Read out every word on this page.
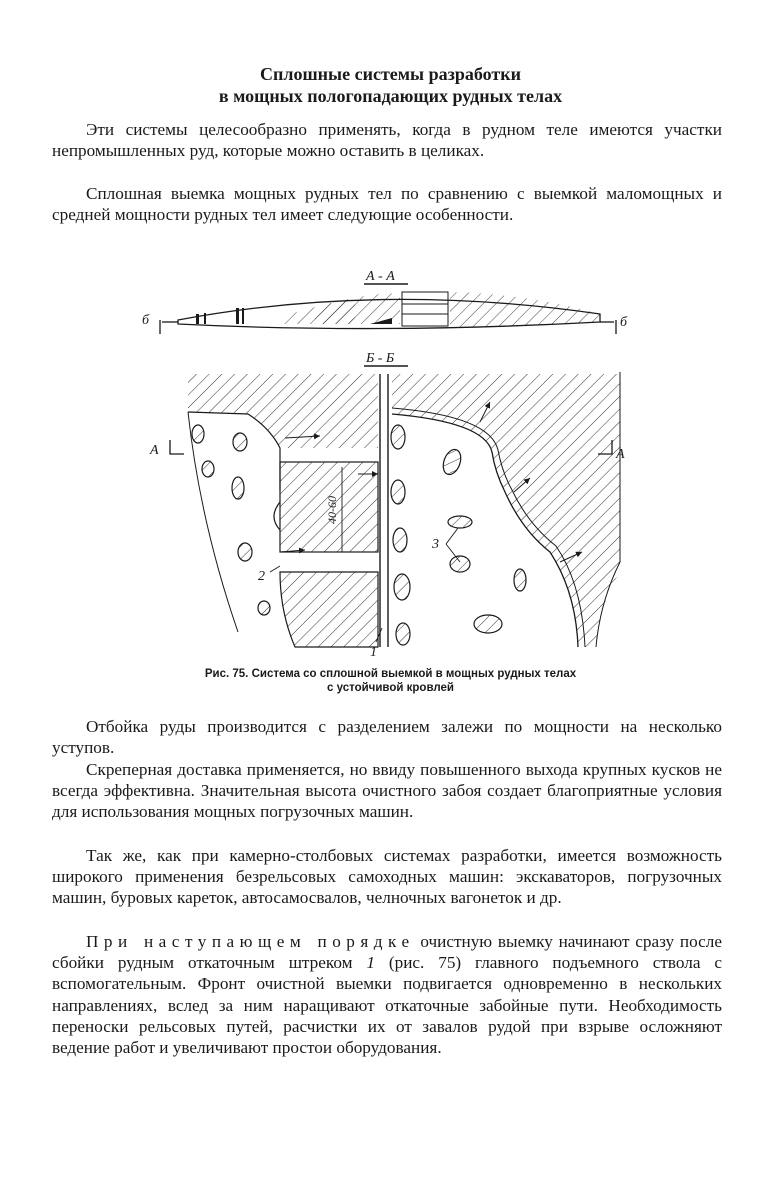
Сплошные системы разработки
в мощных пологопадающих рудных телах
Эти системы целесообразно применять, когда в рудном теле имеются участки непромышленных руд, которые можно оставить в целиках.
Сплошная выемка мощных рудных тел по сравнению с выемкой маломощных и средней мощности рудных тел имеет следующие особенности.
А - А
б	б
Б - Б
40-60
А	А
3
2
1
Рис. 75. Система со сплошной выемкой в мощных рудных телах
с устойчивой кровлей
Отбойка руды производится с разделением залежи по мощности на несколько уступов.
Скреперная доставка применяется, но ввиду повышенного выхода крупных кусков не всегда эффективна. Значительная высота очистного забоя создает благоприятные условия для использования мощных погрузочных машин.
Так же, как при камерно-столбовых системах разработки, имеется возможность широкого применения безрельсовых самоходных машин: экскаваторов, погрузочных машин, буровых кареток, автосамосвалов, челночных вагонеток и др.
При наступающем порядке очистную выемку начинают сразу после сбойки рудным откаточным штреком 1 (рис. 75) главного подъемного ствола с вспомогательным. Фронт очистной выемки подвигается одновременно в нескольких направлениях, вслед за ним наращивают откаточные забойные пути. Необходимость переноски рельсовых путей, расчистки их от завалов рудой при взрыве осложняют ведение работ и увеличивают простои оборудования.
